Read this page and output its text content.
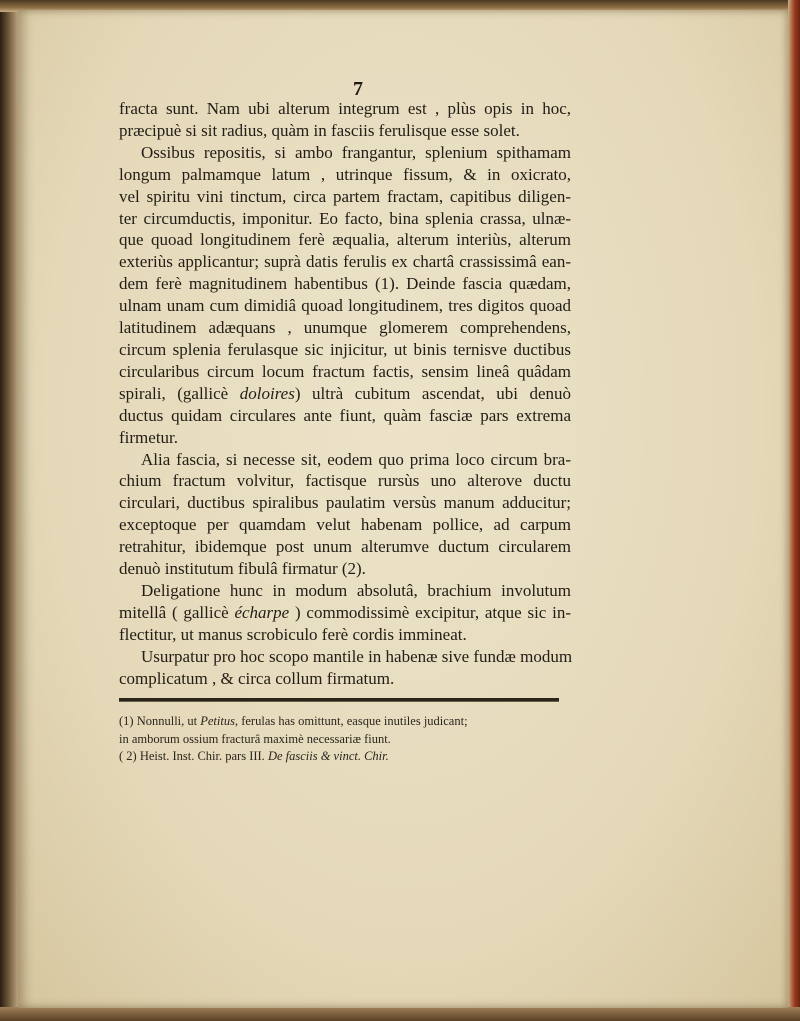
7
fracta sunt. Nam ubi alterum integrum est , plùs opis in hoc,
præcipuè si sit radius, quàm in fasciis ferulisque esse solet.
Ossibus repositis, si ambo frangantur, splenium spithamam
longum palmamque latum , utrinque fissum, & in oxicrato,
vel spiritu vini tinctum, circa partem fractam, capitibus diligen-
ter circumductis, imponitur. Eo facto, bina splenia crassa, ulnæ-
que quoad longitudinem ferè æqualia, alterum interiùs, alterum
exteriùs applicantur; suprà datis ferulis ex chartâ crassissimâ ean-
dem ferè magnitudinem habentibus (1). Deinde fascia quædam,
ulnam unam cum dimidiâ quoad longitudinem, tres digitos quoad
latitudinem adæquans , unumque glomerem comprehendens,
circum splenia ferulasque sic injicitur, ut binis ternisve ductibus
circularibus circum locum fractum factis, sensim lineâ quâdam
spirali, (gallicè doloires) ultrà cubitum ascendat, ubi denuò
ductus quidam circulares ante fiunt, quàm fasciæ pars extrema
firmetur.
Alia fascia, si necesse sit, eodem quo prima loco circum bra-
chium fractum volvitur, factisque rursùs uno alterove ductu
circulari, ductibus spiralibus paulatim versùs manum adducitur;
exceptoque per quamdam velut habenam pollice, ad carpum
retrahitur, ibidemque post unum alterumve ductum circularem
denuò institutum fibulâ firmatur (2).
Deligatione hunc in modum absolutâ, brachium involutum
mitellâ ( gallicè écharpe ) commodissimè excipitur, atque sic in-
flectitur, ut manus scrobiculo ferè cordis immineat.
Usurpatur pro hoc scopo mantile in habenæ sive fundæ modum
complicatum , & circa collum firmatum.
(1) Nonnulli, ut Petitus, ferulas has omittunt, easque inutiles judicant;
in amborum ossium fracturâ maximè necessariæ fiunt.
( 2) Heist. Inst. Chir. pars III. De fasciis & vinct. Chir.
